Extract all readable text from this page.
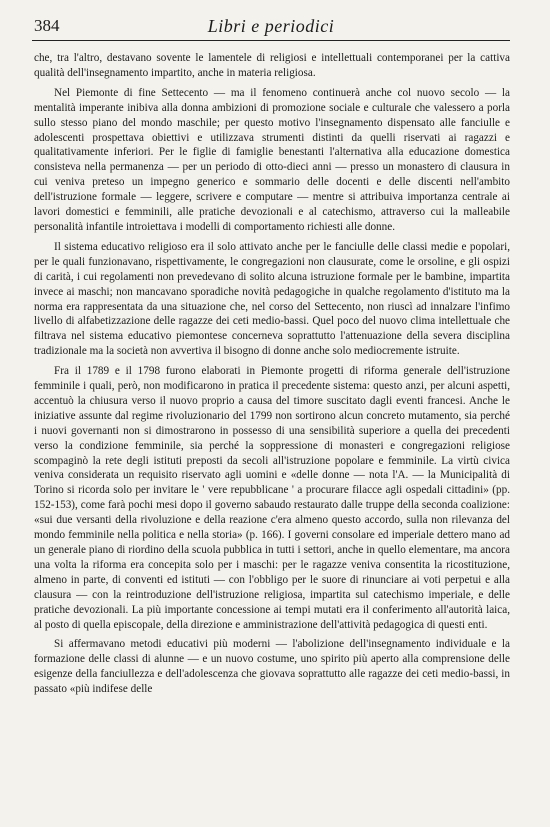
384	Libri e periodici

che, tra l'altro, destavano sovente le lamentele di religiosi e intellettuali contemporanei per la cattiva qualità dell'insegnamento impartito, anche in materia religiosa.

Nel Piemonte di fine Settecento — ma il fenomeno continuerà anche col nuovo secolo — la mentalità imperante inibiva alla donna ambizioni di promozione sociale e culturale che valessero a porla sullo stesso piano del mondo maschile; per questo motivo l'insegnamento dispensato alle fanciulle e adolescenti prospettava obiettivi e utilizzava strumenti distinti da quelli riservati ai ragazzi e qualitativamente inferiori. Per le figlie di famiglie benestanti l'alternativa alla educazione domestica consisteva nella permanenza — per un periodo di otto-dieci anni — presso un monastero di clausura in cui veniva preteso un impegno generico e sommario delle docenti e delle discenti nell'ambito dell'istruzione formale — leggere, scrivere e computare — mentre si attribuiva importanza centrale ai lavori domestici e femminili, alle pratiche devozionali e al catechismo, attraverso cui la malleabile personalità infantile introiettava i modelli di comportamento richiesti alle donne.

Il sistema educativo religioso era il solo attivato anche per le fanciulle delle classi medie e popolari, per le quali funzionavano, rispettivamente, le congregazioni non clausurate, come le orsoline, e gli ospizi di carità, i cui regolamenti non prevedevano di solito alcuna istruzione formale per le bambine, impartita invece ai maschi; non mancavano sporadiche novità pedagogiche in qualche regolamento d'istituto ma la norma era rappresentata da una situazione che, nel corso del Settecento, non riuscì ad innalzare l'infimo livello di alfabetizzazione delle ragazze dei ceti medio-bassi. Quel poco del nuovo clima intellettuale che filtrava nel sistema educativo piemontese concerneva soprattutto l'attenuazione della severa disciplina tradizionale ma la società non avvertiva il bisogno di donne anche solo mediocremente istruite.

Fra il 1789 e il 1798 furono elaborati in Piemonte progetti di riforma generale dell'istruzione femminile i quali, però, non modificarono in pratica il precedente sistema: questo anzi, per alcuni aspetti, accentuò la chiusura verso il nuovo proprio a causa del timore suscitato dagli eventi francesi. Anche le iniziative assunte dal regime rivoluzionario del 1799 non sortirono alcun concreto mutamento, sia perché i nuovi governanti non si dimostrarono in possesso di una sensibilità superiore a quella dei precedenti verso la condizione femminile, sia perché la soppressione di monasteri e congregazioni religiose scompaginò la rete degli istituti preposti da secoli all'istruzione popolare e femminile. La virtù civica veniva considerata un requisito riservato agli uomini e «delle donne — nota l'A. — la Municipalità di Torino si ricorda solo per invitare le ' vere repubblicane ' a procurare filacce agli ospedali cittadini» (pp. 152-153), come farà pochi mesi dopo il governo sabaudo restaurato dalle truppe della seconda coalizione: «sui due versanti della rivoluzione e della reazione c'era almeno questo accordo, sulla non rilevanza del mondo femminile nella politica e nella storia» (p. 166). I governi consolare ed imperiale dettero mano ad un generale piano di riordino della scuola pubblica in tutti i settori, anche in quello elementare, ma ancora una volta la riforma era concepita solo per i maschi: per le ragazze veniva consentita la ricostituzione, almeno in parte, di conventi ed istituti — con l'obbligo per le suore di rinunciare ai voti perpetui e alla clausura — con la reintroduzione dell'istruzione religiosa, impartita sul catechismo imperiale, e delle pratiche devozionali. La più importante concessione ai tempi mutati era il conferimento all'autorità laica, al posto di quella episcopale, della direzione e amministrazione dell'attività pedagogica di questi enti.

Si affermavano metodi educativi più moderni — l'abolizione dell'insegnamento individuale e la formazione delle classi di alunne — e un nuovo costume, uno spirito più aperto alla comprensione delle esigenze della fanciullezza e dell'adolescenza che giovava soprattutto alle ragazze dei ceti medio-bassi, in passato «più indifese delle
